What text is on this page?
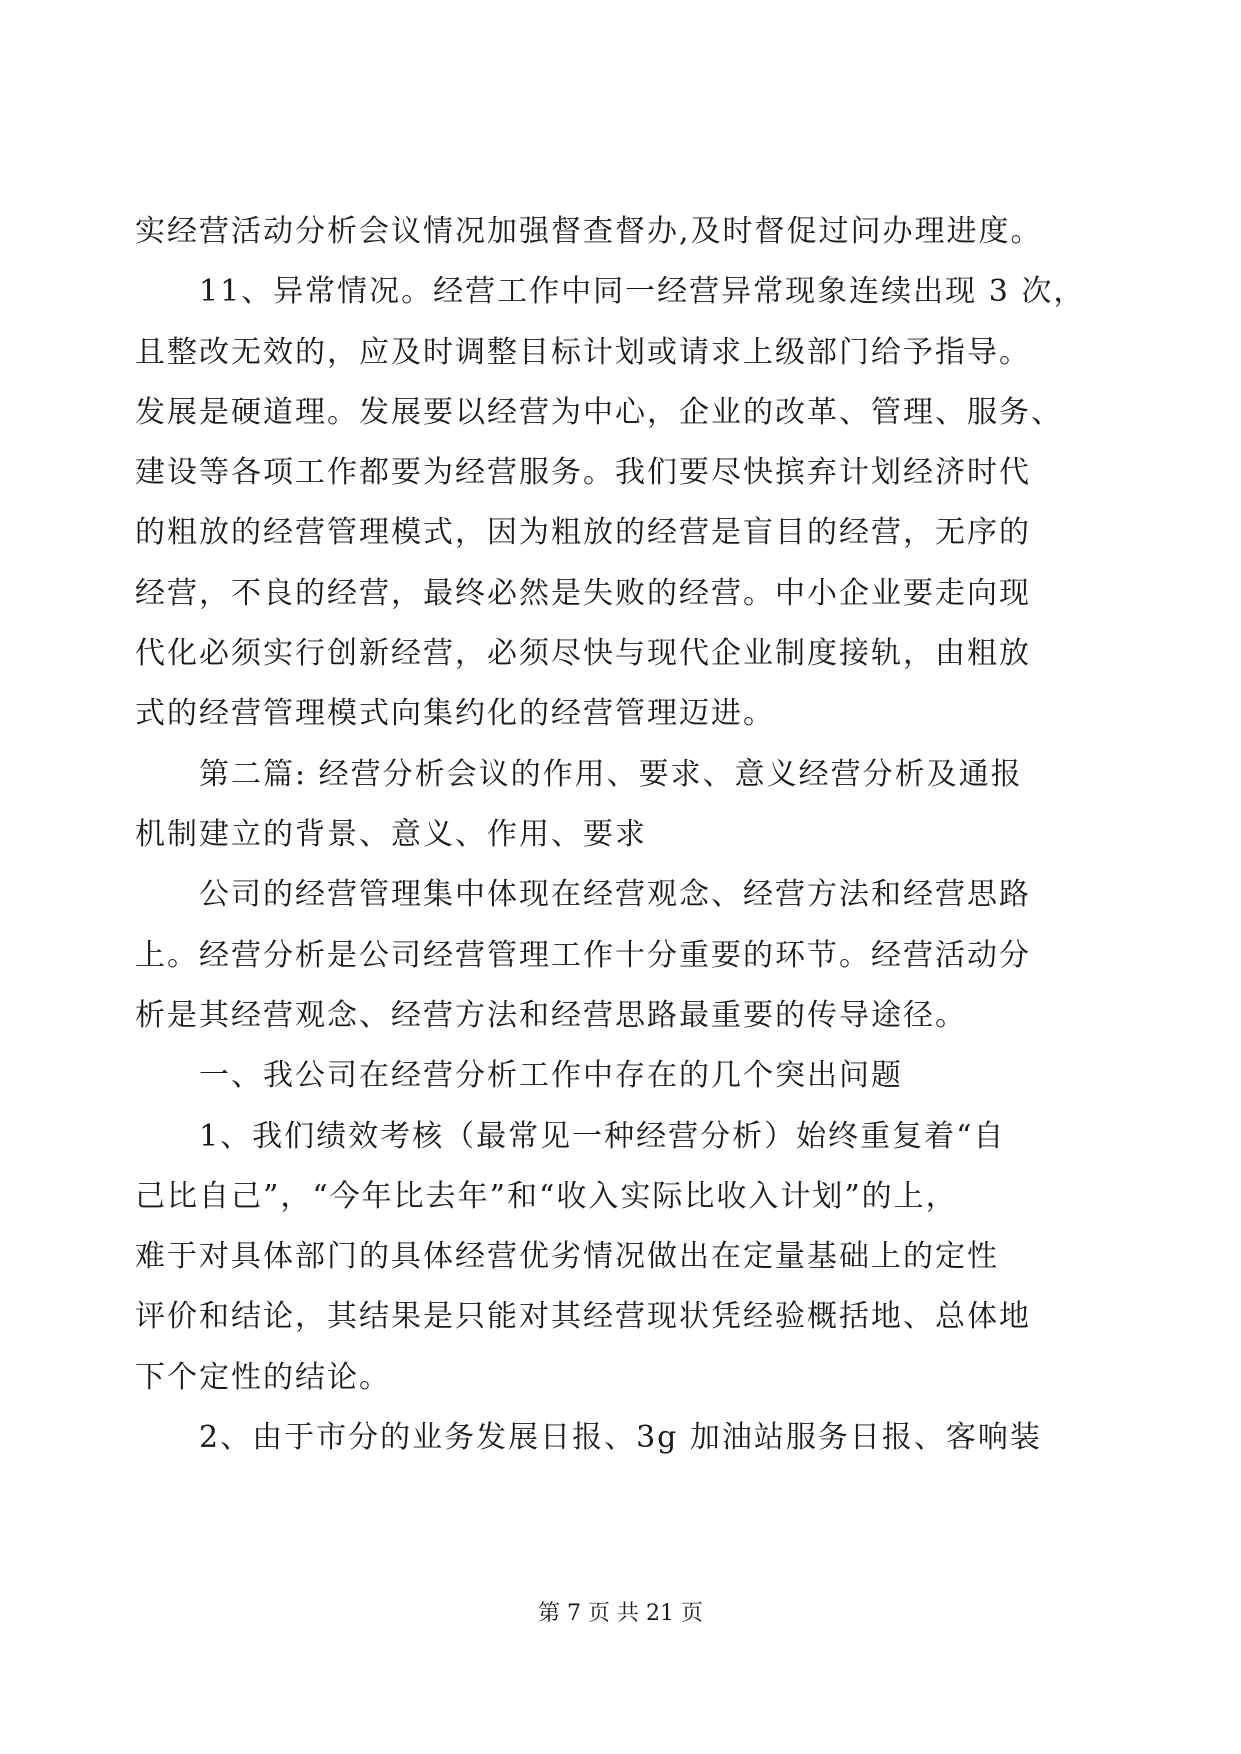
实经营活动分析会议情况加强督查督办,及时督促过问办理进度。
　　11、异常情况。经营工作中同一经营异常现象连续出现 3 次，
且整改无效的，应及时调整目标计划或请求上级部门给予指导。
发展是硬道理。发展要以经营为中心，企业的改革、管理、服务、
建设等各项工作都要为经营服务。我们要尽快摈弃计划经济时代
的粗放的经营管理模式，因为粗放的经营是盲目的经营，无序的
经营，不良的经营，最终必然是失败的经营。中小企业要走向现
代化必须实行创新经营，必须尽快与现代企业制度接轨，由粗放
式的经营管理模式向集约化的经营管理迈进。
　　第二篇: 经营分析会议的作用、要求、意义经营分析及通报
机制建立的背景、意义、作用、要求
　　公司的经营管理集中体现在经营观念、经营方法和经营思路
上。经营分析是公司经营管理工作十分重要的环节。经营活动分
析是其经营观念、经营方法和经营思路最重要的传导途径。
　　一、我公司在经营分析工作中存在的几个突出问题
　　1、我们绩效考核（最常见一种经营分析）始终重复着“自
己比自己”，“今年比去年”和“收入实际比收入计划”的上，
难于对具体部门的具体经营优劣情况做出在定量基础上的定性
评价和结论，其结果是只能对其经营现状凭经验概括地、总体地
下个定性的结论。
　　2、由于市分的业务发展日报、3g 加油站服务日报、客响装
第 7 页 共 21 页
